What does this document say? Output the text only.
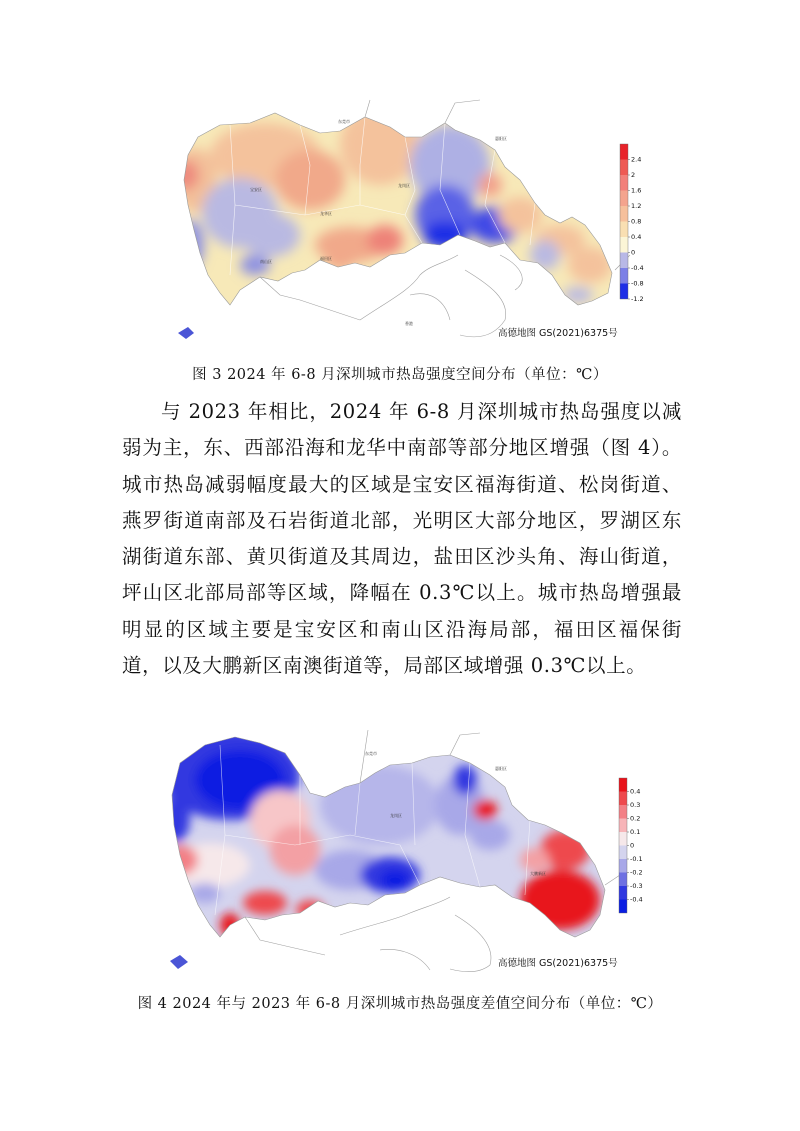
东莞市
惠阳区
宝安区
龙华区
龙岗区
南山区
福田区
香港
高德地图 GS(2021)6375号
2.4
2
1.6
1.2
0.8
0.4
0
-0.4
-0.8
-1.2
图 3 2024 年 6-8 月深圳城市热岛强度空间分布（单位：℃）

与 2023 年相比，2024 年 6-8 月深圳城市热岛强度以减弱为主，东、西部沿海和龙华中南部等部分地区增强（图 4）。城市热岛减弱幅度最大的区域是宝安区福海街道、松岗街道、燕罗街道南部及石岩街道北部，光明区大部分地区，罗湖区东湖街道东部、黄贝街道及其周边，盐田区沙头角、海山街道，坪山区北部局部等区域，降幅在 0.3℃以上。城市热岛增强最明显的区域主要是宝安区和南山区沿海局部，福田区福保街道，以及大鹏新区南澳街道等，局部区域增强 0.3℃以上。

东莞市
惠阳区
龙岗区
大鹏新区
高德地图 GS(2021)6375号
0.4
0.3
0.2
0.1
0
-0.1
-0.2
-0.3
-0.4
图 4 2024 年与 2023 年 6-8 月深圳城市热岛强度差值空间分布（单位：℃）
